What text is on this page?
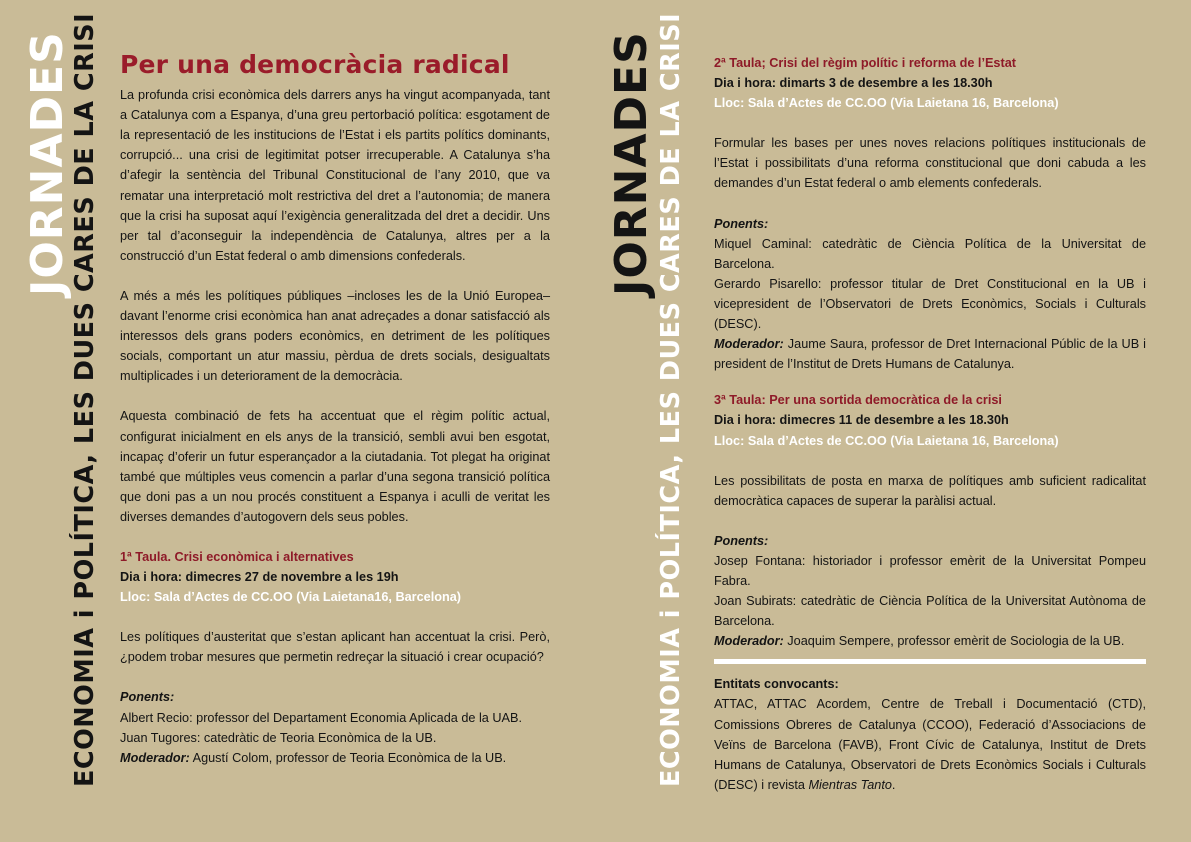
JORNADES
ECONOMIA i POLÍTICA, LES DUES CARES DE LA CRISI	JORNADES ECONOMIA i POLÍTICA, LES DUES CARES DE LA CRISI
Per una democràcia radical

La profunda crisi econòmica dels darrers anys ha vingut acompanyada, tant a Catalunya com a Espanya, d’una greu pertorbació política: esgotament de la representació de les institucions de l’Estat i els partits polítics dominants, corrupció... una crisi de legitimitat potser irrecuperable. A Catalunya s’ha d’afegir la sentència del Tribunal Constitucional de l’any 2010, que va rematar una interpretació molt restrictiva del dret a l’autonomia; de manera que la crisi ha suposat aquí l’exigència generalitzada del dret a decidir. Uns per tal d’aconseguir la independència de Catalunya, altres per a la construcció d’un Estat federal o amb dimensions confederals.

A més a més les polítiques públiques –incloses les de la Unió Europea– davant l’enorme crisi econòmica han anat adreçades a donar satisfacció als interessos dels grans poders econòmics, en detriment de les polítiques socials, comportant un atur massiu, pèrdua de drets socials, desigualtats multiplicades i un deteriorament de la democràcia.

Aquesta combinació de fets ha accentuat que el règim polític actual, configurat inicialment en els anys de la transició, sembli avui ben esgotat, incapaç d’oferir un futur esperançador a la ciutadania. Tot plegat ha originat també que múltiples veus comencin a parlar d’una segona transició política que doni pas a un nou procés constituent a Espanya i aculli de veritat les diverses demandes d’autogovern dels seus pobles.

1ª Taula. Crisi econòmica i alternatives
Dia i hora: dimecres 27 de novembre a les 19h
Lloc: Sala d’Actes de CC.OO (Via Laietana16, Barcelona)

Les polítiques d’austeritat que s’estan aplicant han accentuat la crisi. Però, ¿podem trobar mesures que permetin redreçar la situació i crear ocupació?

Ponents:
Albert Recio: professor del Departament Economia Aplicada de la UAB.
Juan Tugores: catedràtic de Teoria Econòmica de la UB.
Moderador: Agustí Colom, professor de Teoria Econòmica de la UB.
2ª Taula; Crisi del règim polític i reforma de l’Estat
Dia i hora: dimarts 3 de desembre a les 18.30h
Lloc: Sala d’Actes de CC.OO (Via Laietana 16, Barcelona)

Formular les bases per unes noves relacions polítiques institucionals de l’Estat i possibilitats d’una reforma constitucional que doni cabuda a les demandes d’un Estat federal o amb elements confederals.

Ponents:

Miquel Caminal: catedràtic de Ciència Política de la Universitat de Barcelona.

Gerardo Pisarello: professor titular de Dret Constitucional en la UB i vicepresident de l’Observatori de Drets Econòmics, Socials i Culturals (DESC).

Moderador: Jaume Saura, professor de Dret Internacional Públic de la UB i president de l’Institut de Drets Humans de Catalunya.

3ª Taula: Per una sortida democràtica de la crisi
Dia i hora: dimecres 11 de desembre a les 18.30h
Lloc: Sala d’Actes de CC.OO (Via Laietana 16, Barcelona)

Les possibilitats de posta en marxa de polítiques amb suficient radicalitat democràtica capaces de superar la paràlisi actual.

Ponents:

Josep Fontana: historiador i professor emèrit de la Universitat Pompeu Fabra.

Joan Subirats: catedràtic de Ciència Política de la Universitat Autònoma de Barcelona.

Moderador: Joaquim Sempere, professor emèrit de Sociologia de la UB.

Entitats convocants:

ATTAC, ATTAC Acordem, Centre de Treball i Documentació (CTD), Comissions Obreres de Catalunya (CCOO), Federació d’Associacions de Veïns de Barcelona (FAVB), Front Cívic de Catalunya, Institut de Drets Humans de Catalunya, Observatori de Drets Econòmics Socials i Culturals (DESC) i revista Mientras Tanto.
